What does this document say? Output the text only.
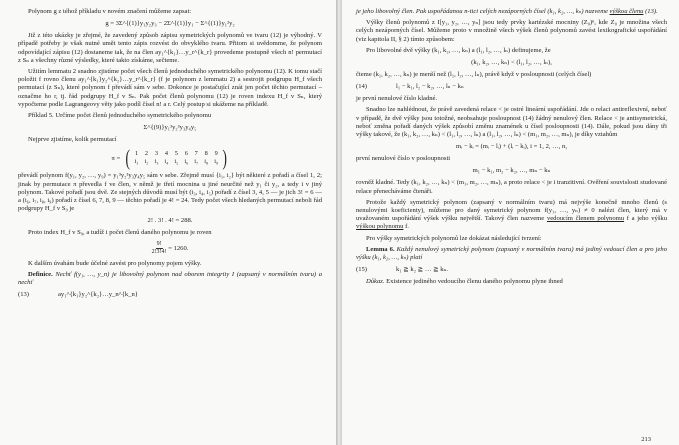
Polynom g z téhož příkladu v novém značení můžeme zapsat:

g = 3Σ^{(1)}y₁y₂y₃ − 2Σ^{(1)}y₁ − Σ^{(1)}y₁²y₂

Již z této ukázky je zřejmé, že zavedený způsob zápisu symetrických polynomů ve tvaru (12) je výhodný. V případě potřeby je však nutné umět tento zápis rozvést do obvyklého tvaru. Přitom si uvědomme, že polynom odpovídající zápisu (12) dostaneme tak, že na člen ay₁^{k₁}…y_r^{k_r} provedeme postupně všech n! permutací z Sₙ a všechny různé výsledky, které takto získáme, sečteme.

Užitím lemmatu 2 snadno zjistíme počet všech členů jednoduchého symetrického polynomu (12). K tomu stačí položit f rovno členu ay₁^{k₁}y₂^{k₂}…y_r^{k_r} (f je polynom z lemmatu 2) a sestrojit podgrupu H_f všech permutací (z Sₙ), které polynom f převádí sám v sebe. Dokonce je postačující znát jen počet těchto permutací – označme ho r, tj. řád podgrupy H_f v Sₙ. Pak počet členů polynomu (12) je roven indexu H_f v Sₙ, který vypočteme podle Lagrangeovy věty jako podíl čísel n! a r. Celý postup si ukážeme na příkladě.

Příklad 5. Určíme počet členů jednoduchého symetrického polynomu

Σ^{(9)}y₁³y₂³y₃y₄y₅

Nejprve zjistíme, kolik permutací

π = ( 1	2	3	4	5	6	7	8	9
i₁	i₂	i₃	i₄	i₅	i₆	i₇	i₈	i₉ )

převádí polynom f(y₁, y₂, …, y₉) = y₁³y₂³y₃y₄y₅ sám v sebe. Zřejmě musí {i₁, i₂} být některé z pořadí a čísel 1, 2; jinak by permutace π převedla f ve člen, v němž je třetí mocnina u jiné neurčité než y₁ či y₂, a tedy i v jiný polynom. Takové pořadí jsou dvě. Ze stejných důvodů musí být (i₃, i₄, i₅) pořadí z čísel 3, 4, 5 — je jich 3! = 6 — a (i₆, i₇, i₈, i₉) pořadí z čísel 6, 7, 8, 9 — těchto pořadí je 4! = 24. Tedy počet všech hledaných permutací neboli řád podgrupy H_f v S₉ je

2! . 3! . 4! = 288.

Proto index H_f v S₉, a tudíž i počet členů daného polynomu je roven

$\frac{9!}{2!3!4!} = 1260$.

K dalším úvahám bude účelné zavést pro polynomy pojem výšky.

Definice. Nechť f(y₁, …, y_n) je libovolný polynom nad oborem integrity I (zapsaný v normálním tvaru) a nechť

(13)	ay₁^{k₁}y₂^{k₂}…y_n^{k_n}

je jeho libovolný člen. Pak uspořádanou n-tici celých nezáporných čísel (k₁, k₂, …, kₙ) nazveme výškou členu (13).

Výšky členů polynomů z I[y₁, y₂, …, yₙ] jsou tedy prvky kartézské mocniny (Z₀)ⁿ, kde Z₀ je množina všech celých nezáporných čísel. Můžeme proto v množině všech výšek členů polynomů zavést lexikografické uspořádání (viz kapitola II, § 2) tímto způsobem:

Pro libovolné dvě výšky (k₁, k₂, …, kₙ) a (l₁, l₂, …, lₙ) definujeme, že

(k₁, k₂, …, kₙ) < (l₁, l₂, …, lₙ),

čteme (k₁, k₂, …, kₙ) je menší než (l₁, l₂, …, lₙ), právě když v posloupnosti (celých čísel)

(14)	l₁ − k₁, l₂ − k₂, …, lₙ − kₙ

je první nenulové číslo kladné.

Snadno lze nahlédnout, že právě zavedená relace < je ostré lineární uspořádání. Jde o relaci antireflexivní, neboť v případě, že dvě výšky jsou totožné, neobsahuje posloupnost (14) žádný nenulový člen. Relace < je antisymetrická, neboť změna pořadí daných výšek způsobí změnu znamének u čísel posloupnosti (14). Dále, pokud jsou dány tři výšky takové, že (k₁, k₂, …, kₙ) < (l₁, l₂, …, lₙ) a (l₁, l₂, …, lₙ) < (m₁, m₂, …, mₙ), je díky vztahům

mᵢ − kᵢ = (mᵢ − lᵢ) + (lᵢ − kᵢ), i = 1, 2, …, n,

první nenulové číslo v posloupnosti

m₁ − k₁, m₂ − k₂, …, mₙ − kₙ

rovněž kladné. Tedy (k₁, k₂, …, kₙ) < (m₁, m₂, …, mₙ), a proto relace < je i tranzitivní. Ověření souvislosti studované relace přenecháváme čtenáři.

Protože každý symetrický polynom (zapsaný v normálním tvaru) má nejvýše konečně mnoho členů (s nenulovými koeficienty), můžeme pro daný symetrický polynom f(y₁, …, yₙ) ≠ 0 nalézt člen, který má v uvažovaném uspořádání výšek výšku největší. Takový člen nazveme vedoucím členem polynomu f a jeho výšku výškou polynomu f.

Pro výšky symetrických polynomů lze dokázat následující tvrzení:

Lemma 6. Každý nenulový symetrický polynom (zapsaný v normálním tvaru) má jediný vedoucí člen a pro jeho výšku (k₁, k₂, …, kₙ) platí

(15)	k₁ ≧ k₂ ≧ … ≧ kₙ.

Důkaz. Existence jediného vedoucího členu daného polynomu plyne ihned

213
